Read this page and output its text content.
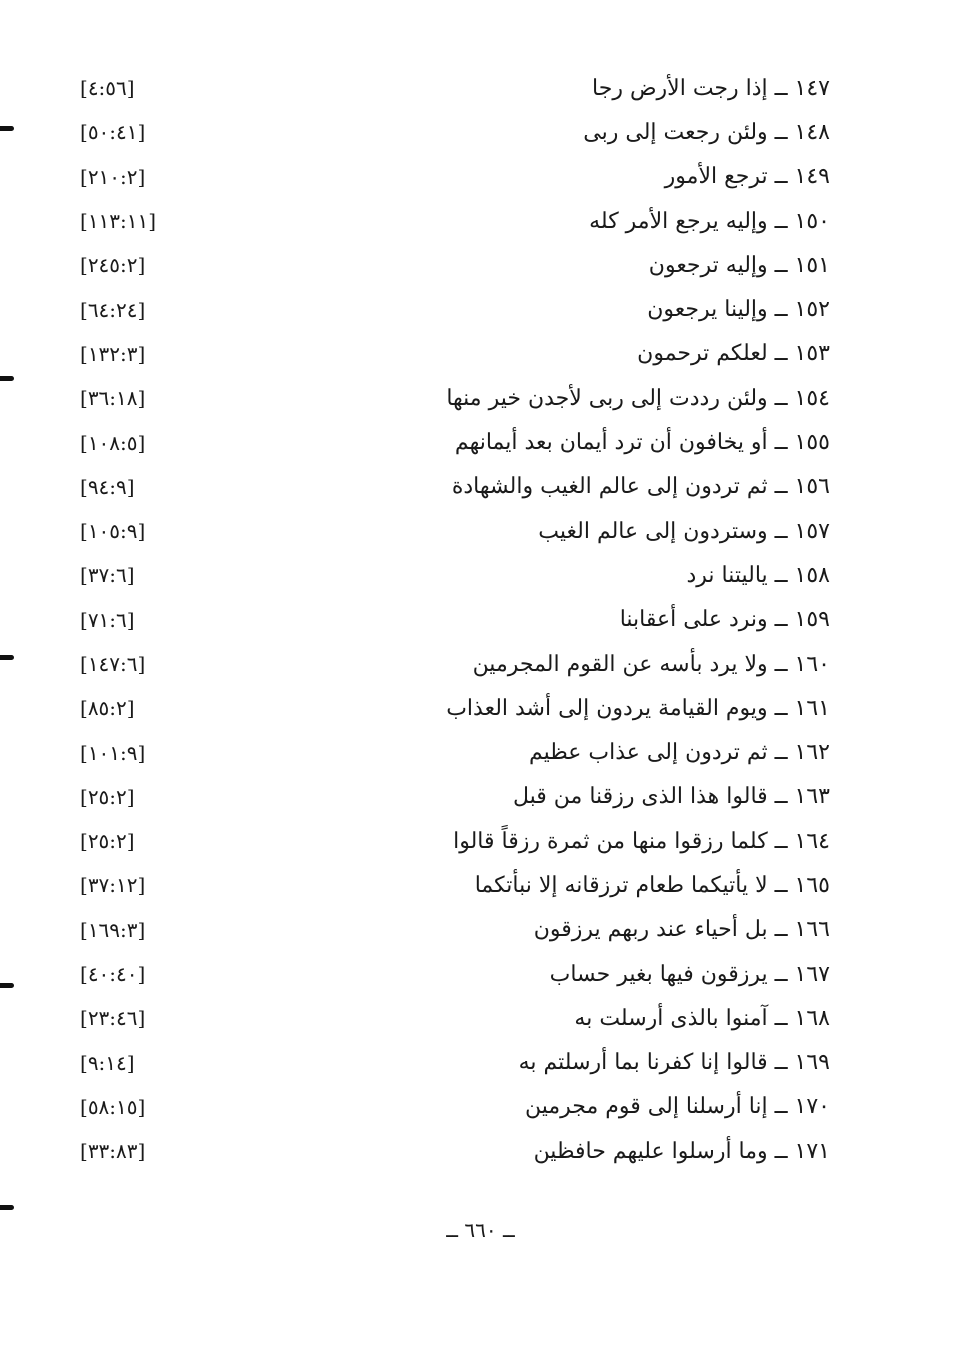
[٤:٥٦]	١٤٧ ــ إذا رجت الأرض رجا
[٥٠:٤١]	١٤٨ ــ ولئن رجعت إلى ربى
[٢١٠:٢]	١٤٩ ــ ترجع الأمور
[١١٣:١١]	١٥٠ ــ وإليه يرجع الأمر كله
[٢٤٥:٢]	١٥١ ــ وإليه ترجعون
[٦٤:٢٤]	١٥٢ ــ وإلينا يرجعون
[١٣٢:٣]	١٥٣ ــ لعلكم ترحمون
[٣٦:١٨]	١٥٤ ــ ولئن رددت إلى ربى لأجدن خير منها
[١٠٨:٥]	١٥٥ ــ أو يخافون أن ترد أيمان بعد أيمانهم
[٩٤:٩]	١٥٦ ــ ثم تردون إلى عالم الغيب والشهادة
[١٠٥:٩]	١٥٧ ــ وستردون إلى عالم الغيب
[٣٧:٦]	١٥٨ ــ ياليتنا نرد
[٧١:٦]	١٥٩ ــ ونرد على أعقابنا
[١٤٧:٦]	١٦٠ ــ ولا يرد بأسه عن القوم المجرمين
[٨٥:٢]	١٦١ ــ ويوم القيامة يردون إلى أشد العذاب
[١٠١:٩]	١٦٢ ــ ثم تردون إلى عذاب عظيم
[٢٥:٢]	١٦٣ ــ قالوا هذا الذى رزقنا من قبل
[٢٥:٢]	١٦٤ ــ كلما رزقوا منها من ثمرة رزقاً قالوا
[٣٧:١٢]	١٦٥ ــ لا يأتيكما طعام ترزقانه إلا نبأتكما
[١٦٩:٣]	١٦٦ ــ بل أحياء عند ربهم يرزقون
[٤٠:٤٠]	١٦٧ ــ يرزقون فيها بغير حساب
[٢٣:٤٦]	١٦٨ ــ آمنوا بالذى أرسلت به
[٩:١٤]	١٦٩ ــ قالوا إنا كفرنا بما أرسلتم به
[٥٨:١٥]	١٧٠ ــ إنا أرسلنا إلى قوم مجرمين
[٣٣:٨٣]	١٧١ ــ وما أرسلوا عليهم حافظين
ــ ٦٦٠ ــ
